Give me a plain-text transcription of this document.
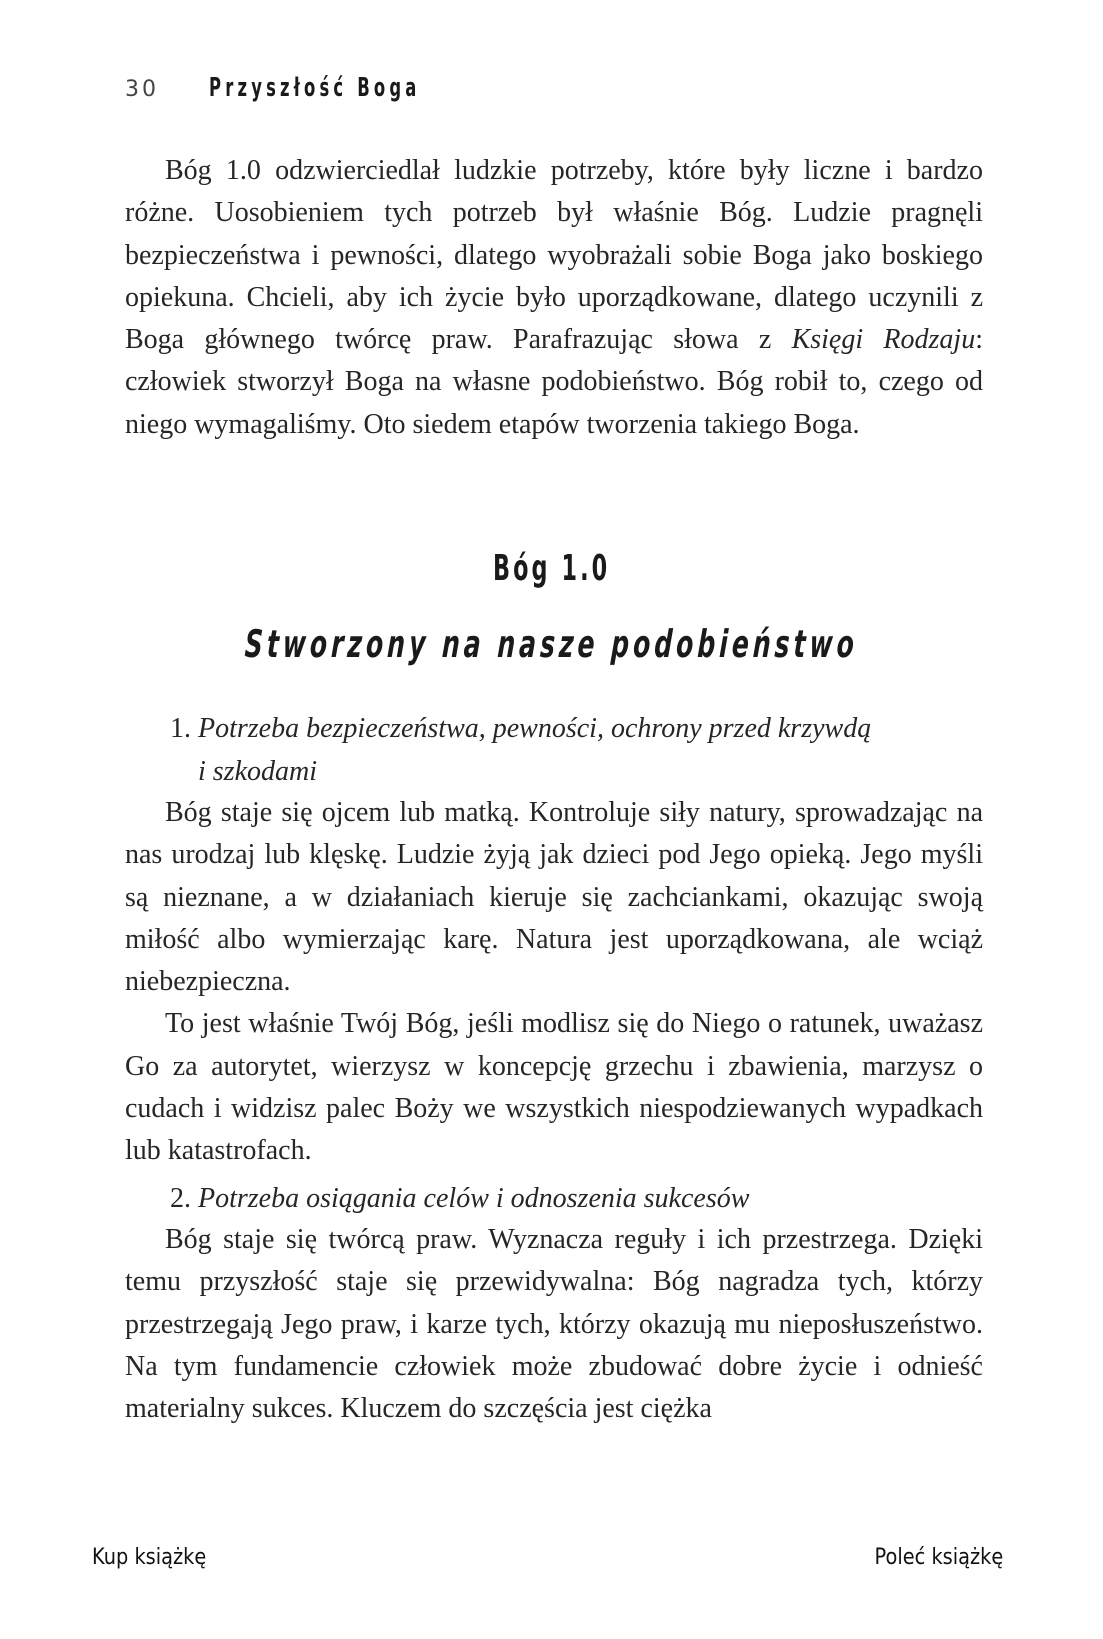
30 Przyszłość Boga

Bóg 1.0 odzwierciedlał ludzkie potrzeby, które były liczne i bardzo różne. Uosobieniem tych potrzeb był właśnie Bóg. Ludzie pragnęli bezpieczeństwa i pewności, dlatego wyobrażali sobie Boga jako boskiego opiekuna. Chcieli, aby ich życie było uporządkowane, dlatego uczynili z Boga głównego twórcę praw. Parafrazując słowa z Księgi Rodzaju: człowiek stworzył Boga na własne podobieństwo. Bóg robił to, czego od niego wymagaliśmy. Oto siedem etapów tworzenia takiego Boga.

Bóg 1.0
Stworzony na nasze podobieństwo
1. Potrzeba bezpieczeństwa, pewności, ochrony przed krzywdą
i szkodami

Bóg staje się ojcem lub matką. Kontroluje siły natury, sprowadzając na nas urodzaj lub klęskę. Ludzie żyją jak dzieci pod Jego opieką. Jego myśli są nieznane, a w działaniach kieruje się zachciankami, okazując swoją miłość albo wymierzając karę. Natura jest uporządkowana, ale wciąż niebezpieczna.

To jest właśnie Twój Bóg, jeśli modlisz się do Niego o ratunek, uważasz Go za autorytet, wierzysz w koncepcję grzechu i zbawienia, marzysz o cudach i widzisz palec Boży we wszystkich niespodziewanych wypadkach lub katastrofach.

2. Potrzeba osiągania celów i odnoszenia sukcesów

Bóg staje się twórcą praw. Wyznacza reguły i ich przestrzega. Dzięki temu przyszłość staje się przewidywalna: Bóg nagradza tych, którzy przestrzegają Jego praw, i karze tych, którzy okazują mu nieposłuszeństwo. Na tym fundamencie człowiek może zbudować dobre życie i odnieść materialny sukces. Kluczem do szczęścia jest ciężka

Kup książkę	Poleć książkę
